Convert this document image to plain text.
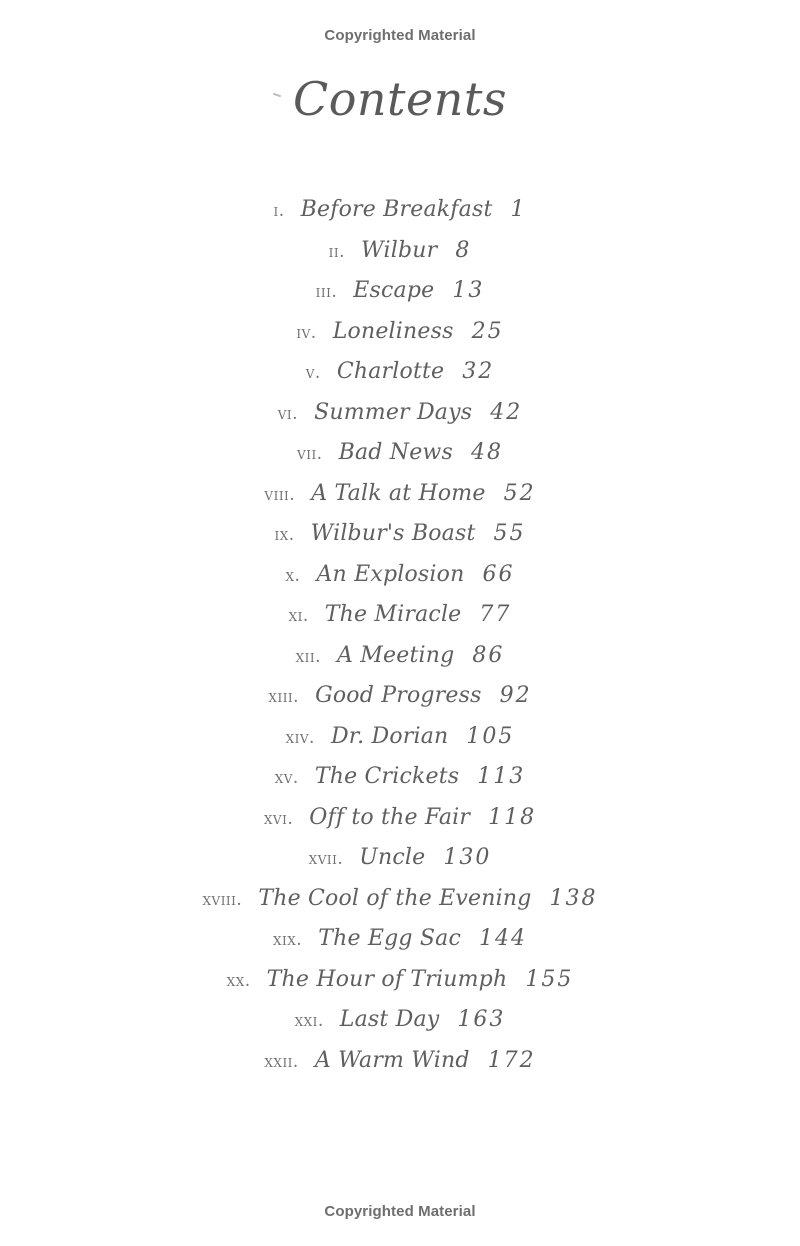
Copyrighted Material
Contents
i. Before Breakfast 1
ii. Wilbur 8
iii. Escape 13
iv. Loneliness 25
v. Charlotte 32
vi. Summer Days 42
vii. Bad News 48
viii. A Talk at Home 52
ix. Wilbur's Boast 55
x. An Explosion 66
xi. The Miracle 77
xii. A Meeting 86
xiii. Good Progress 92
xiv. Dr. Dorian 105
xv. The Crickets 113
xvi. Off to the Fair 118
xvii. Uncle 130
xviii. The Cool of the Evening 138
xix. The Egg Sac 144
xx. The Hour of Triumph 155
xxi. Last Day 163
xxii. A Warm Wind 172
Copyrighted Material
